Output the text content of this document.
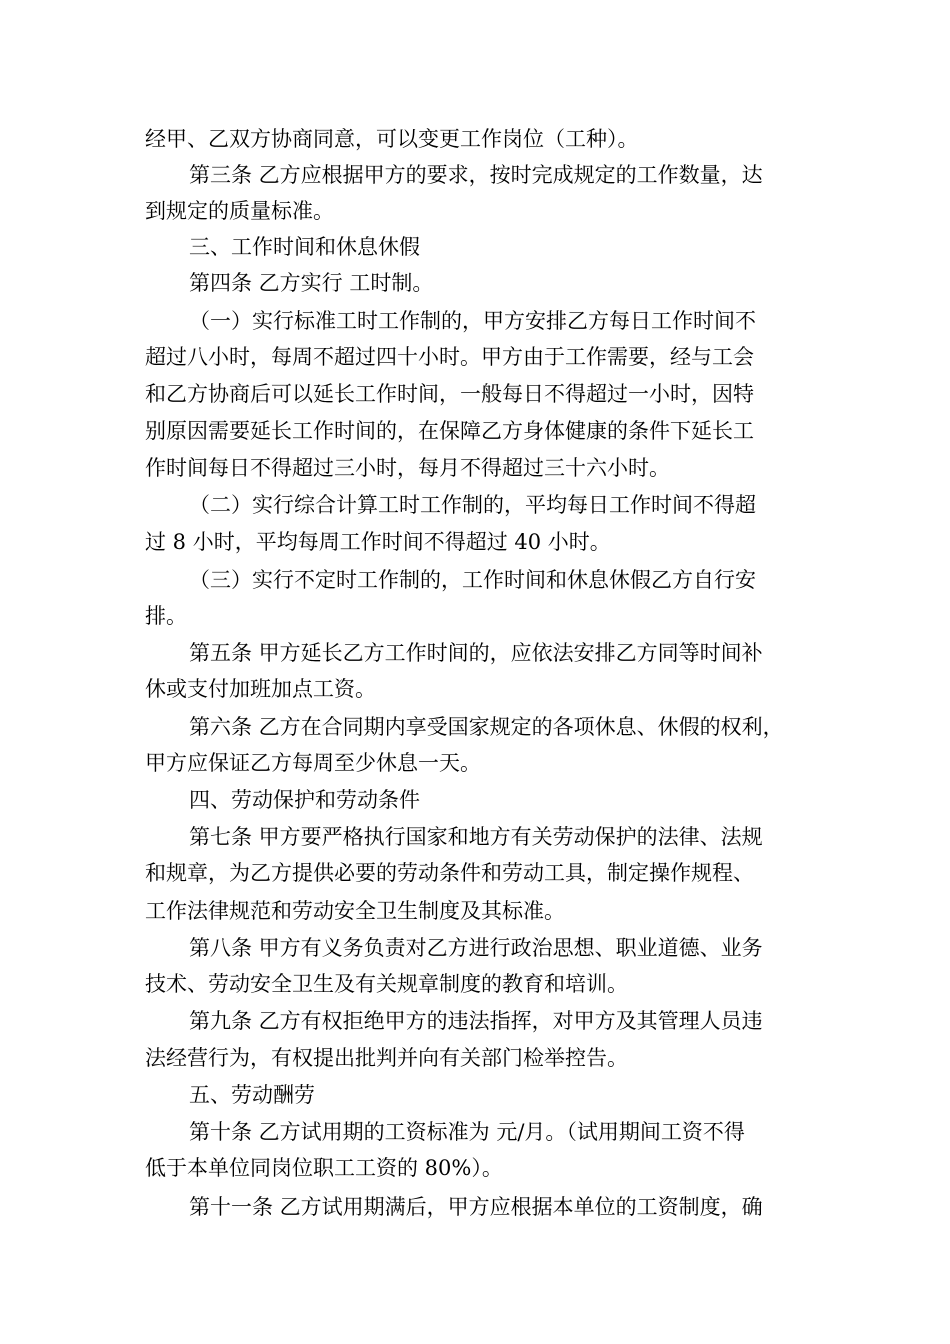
经甲、乙双方协商同意，可以变更工作岗位（工种）。
第三条 乙方应根据甲方的要求，按时完成规定的工作数量，达
到规定的质量标准。
三、工作时间和休息休假
第四条 乙方实行 工时制。
（一）实行标准工时工作制的，甲方安排乙方每日工作时间不
超过八小时，每周不超过四十小时。甲方由于工作需要，经与工会
和乙方协商后可以延长工作时间，一般每日不得超过一小时，因特
别原因需要延长工作时间的，在保障乙方身体健康的条件下延长工
作时间每日不得超过三小时，每月不得超过三十六小时。
（二）实行综合计算工时工作制的，平均每日工作时间不得超
过 8 小时，平均每周工作时间不得超过 40 小时。
（三）实行不定时工作制的，工作时间和休息休假乙方自行安
排。
第五条 甲方延长乙方工作时间的，应依法安排乙方同等时间补
休或支付加班加点工资。
第六条 乙方在合同期内享受国家规定的各项休息、休假的权利，
甲方应保证乙方每周至少休息一天。
四、劳动保护和劳动条件
第七条 甲方要严格执行国家和地方有关劳动保护的法律、法规
和规章，为乙方提供必要的劳动条件和劳动工具，制定操作规程、
工作法律规范和劳动安全卫生制度及其标准。
第八条 甲方有义务负责对乙方进行政治思想、职业道德、业务
技术、劳动安全卫生及有关规章制度的教育和培训。
第九条 乙方有权拒绝甲方的违法指挥，对甲方及其管理人员违
法经营行为，有权提出批判并向有关部门检举控告。
五、劳动酬劳
第十条 乙方试用期的工资标准为 元/月。（试用期间工资不得
低于本单位同岗位职工工资的 80%）。
第十一条 乙方试用期满后，甲方应根据本单位的工资制度，确
